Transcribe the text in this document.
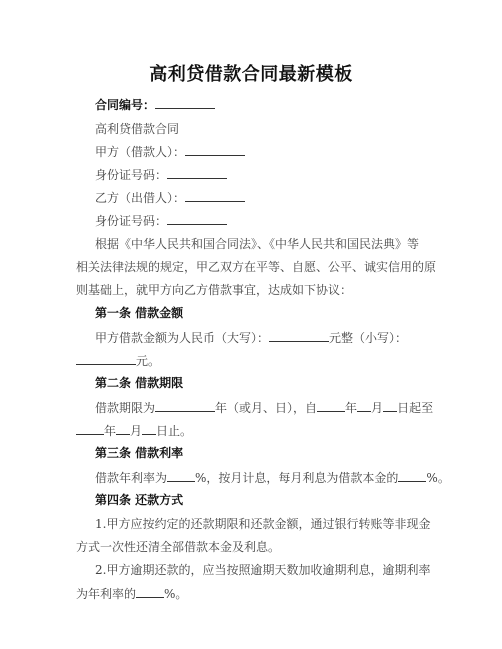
高利贷借款合同最新模板
合同编号：
高利贷借款合同
甲方（借款人）：
身份证号码：
乙方（出借人）：
身份证号码：
根据《中华人民共和国合同法》、《中华人民共和国民法典》等
相关法律法规的规定，甲乙双方在平等、自愿、公平、诚实信用的原
则基础上，就甲方向乙方借款事宜，达成如下协议：
第一条 借款金额
甲方借款金额为人民币（大写）：	元整（小写）：
元。
第二条 借款期限
借款期限为	年（或月、日），自 年 月 日起至
年 月 日止。
第三条 借款利率
借款年利率为 %，按月计息，每月利息为借款本金的 %。
第四条 还款方式
1.甲方应按约定的还款期限和还款金额，通过银行转账等非现金
方式一次性还清全部借款本金及利息。
2.甲方逾期还款的，应当按照逾期天数加收逾期利息，逾期利率
为年利率的 %。
